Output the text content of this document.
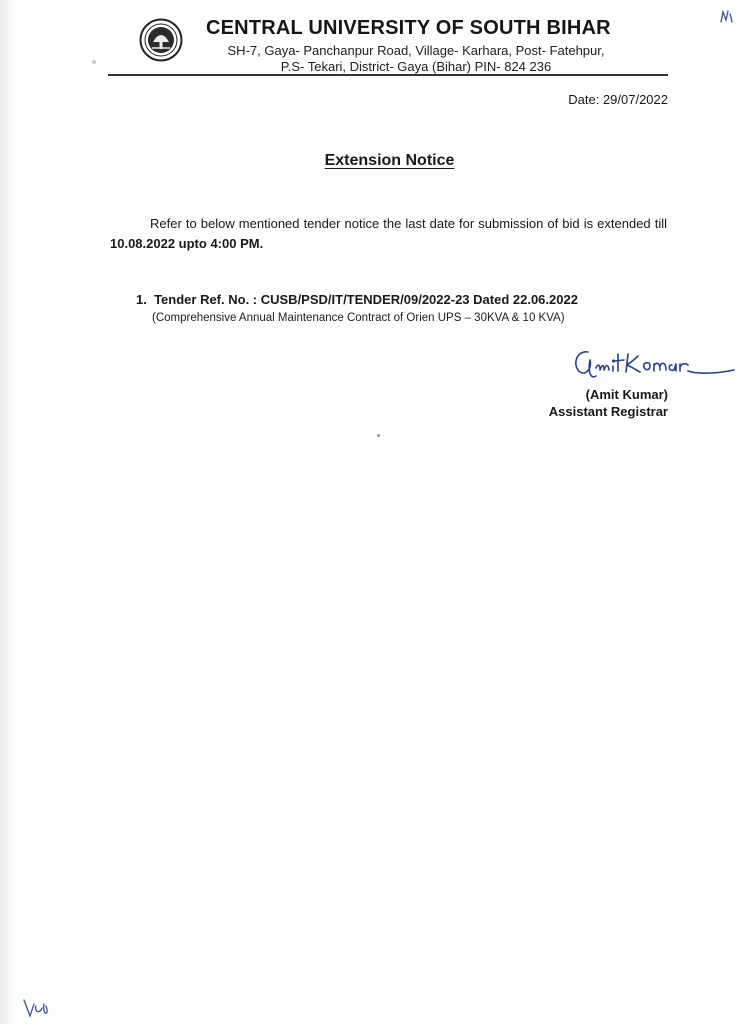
CENTRAL UNIVERSITY OF SOUTH BIHAR
SH-7, Gaya- Panchanpur Road, Village- Karhara, Post- Fatehpur,
P.S- Tekari, District- Gaya (Bihar) PIN- 824 236
Date: 29/07/2022
Extension Notice
Refer to below mentioned tender notice the last date for submission of bid is extended till 10.08.2022 upto 4:00 PM.
1. Tender Ref. No. : CUSB/PSD/IT/TENDER/09/2022-23 Dated 22.06.2022
(Comprehensive Annual Maintenance Contract of Orien UPS – 30KVA & 10 KVA)
(Amit Kumar)
Assistant Registrar
